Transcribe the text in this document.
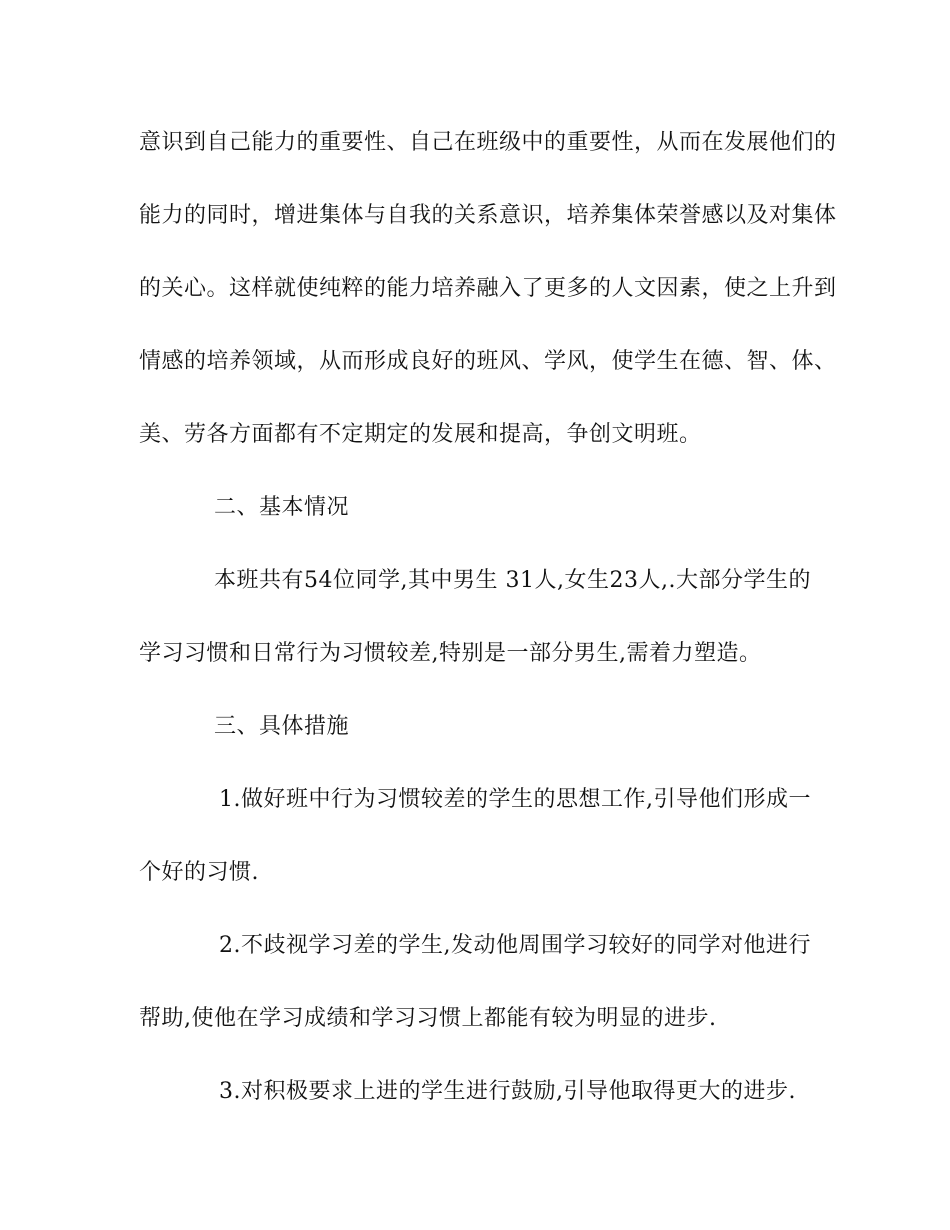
意识到自己能力的重要性、自己在班级中的重要性，从而在发展他们的
能力的同时，增进集体与自我的关系意识，培养集体荣誉感以及对集体
的关心。这样就使纯粹的能力培养融入了更多的人文因素，使之上升到
情感的培养领域，从而形成良好的班风、学风，使学生在德、智、体、
美、劳各方面都有不定期定的发展和提高，争创文明班。
二、基本情况
本班共有54位同学,其中男生 31人,女生23人,.大部分学生的
学习习惯和日常行为习惯较差,特别是一部分男生,需着力塑造。
三、具体措施
1.做好班中行为习惯较差的学生的思想工作,引导他们形成一
个好的习惯.
2.不歧视学习差的学生,发动他周围学习较好的同学对他进行
帮助,使他在学习成绩和学习习惯上都能有较为明显的进步.
3.对积极要求上进的学生进行鼓励,引导他取得更大的进步.
